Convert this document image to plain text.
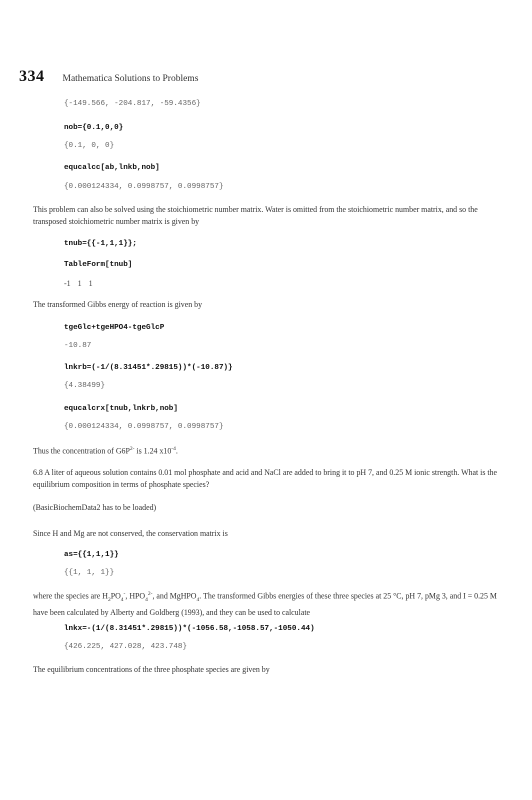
334 Mathematica Solutions to Problems
{-149.566, -204.817, -59.4356}
nob={0.1,0,0}
{0.1, 0, 0}
equcalcc[ab,lnkb,nob]
{0.000124334, 0.0998757, 0.0998757}
This problem can also be solved using the stoichiometric number matrix. Water is omitted from the stoichiometric number matrix, and so the transposed stoichiometric number matrix is given by
tnub={{-1,1,1}};
TableForm[tnub]
-1 1 1
The transformed Gibbs energy of reaction is given by
tgeGlc+tgeHPO4-tgeGlcP
-10.87
lnkrb=(-1/(8.31451*.29815))*(-10.87)}
{4.38499}
equcalcrx[tnub,lnkrb,nob]
{0.000124334, 0.0998757, 0.0998757}
Thus the concentration of $G6P^{2-}$ is 1.24 $x10^{-4}$.
6.8 A liter of aqueous solution contains 0.01 mol phosphate and acid and NaCl are added to bring it to pH 7, and 0.25 M ionic strength. What is the equilibrium composition in terms of phosphate species?
(BasicBiochemData2 has to be loaded)
Since H and Mg are not conserved, the conservation matrix is
as={{1,1,1}}
{{1, 1, 1}}
where the species are $H_2PO_4^-$, $HPO_4^{2-}$, and MgHPO$_4$. The transformed Gibbs energies of these three species at 25 °C, pH 7, pMg 3, and I = 0.25 M have been calculated by Alberty and Goldberg (1993), and they can be used to calculate
lnkx=-(1/(8.31451*.29815))*(-1056.58,-1058.57,-1050.44)
{426.225, 427.028, 423.748}
The equilibrium concentrations of the three phosphate species are given by
